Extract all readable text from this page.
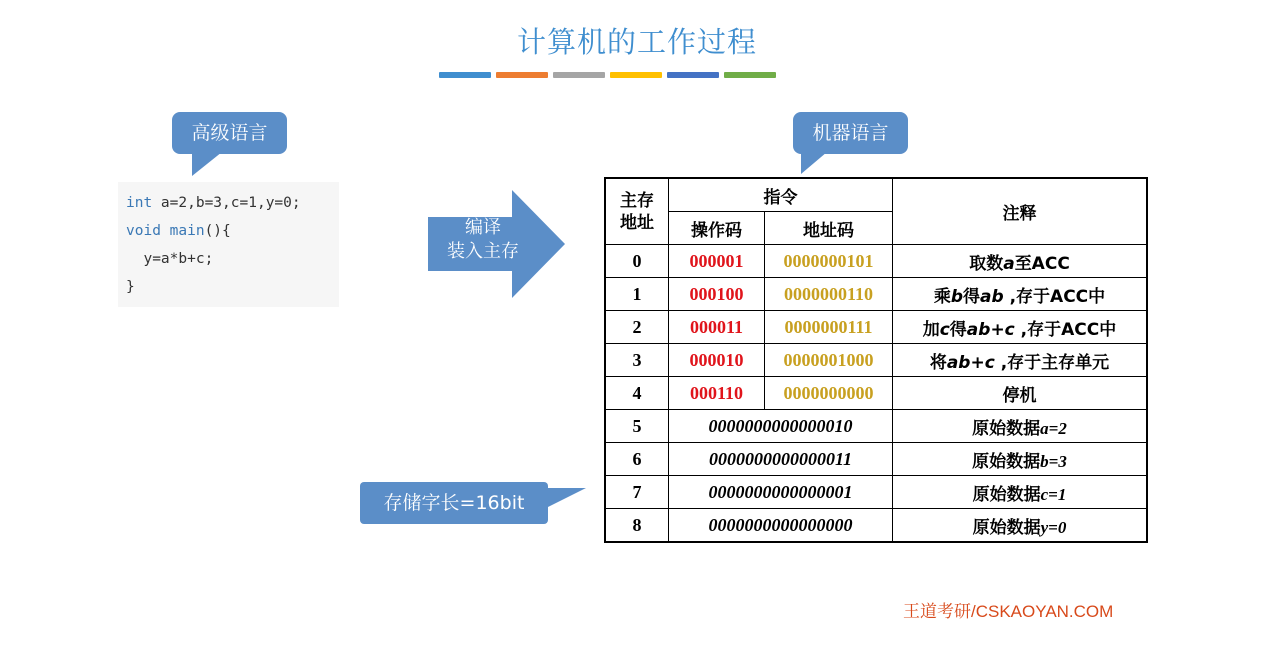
计算机的工作过程
高级语言	机器语言
int a=2,b=3,c=1,y=0;
void main(){
y=a*b+c;
}
编译
装入主存
存储字长=16bit
主存
地址	指令		注释
	操作码	地址码	
0	000001	0000000101	取数a至ACC
1	000100	0000000110	乘b得ab ,存于ACC中
2	000011	0000000111	加c得ab+c ,存于ACC中
3	000010	0000001000	将ab+c ,存于主存单元
4	000110	0000000000	停机
5	0000000000000010		原始数据a=2
6	0000000000000011		原始数据b=3
7	0000000000000001		原始数据c=1
8	0000000000000000		原始数据y=0
王道考研/CSKAOYAN.COM
